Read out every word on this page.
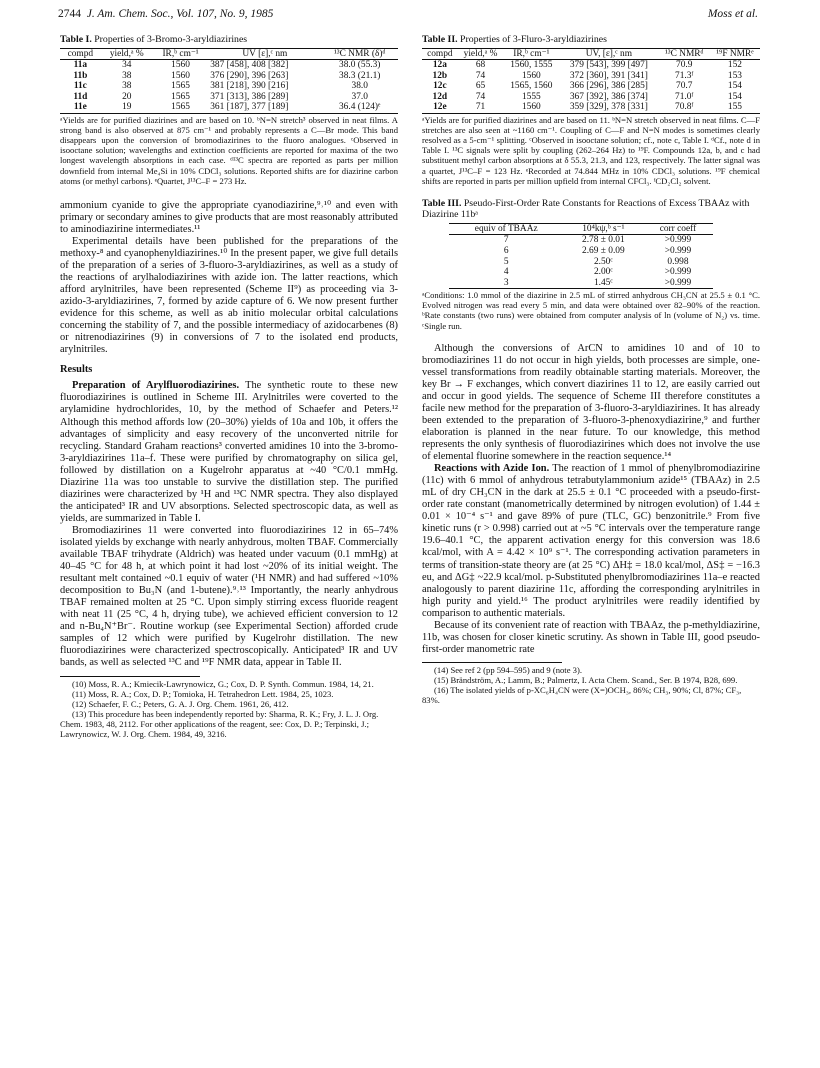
2744 J. Am. Chem. Soc., Vol. 107, No. 9, 1985	Moss et al.
Table I. Properties of 3-Bromo-3-aryldiazirines
compd	yield,ᵃ %	IR,ᵇ cm⁻¹	UV [ε],ᶜ nm	¹³C NMR (δ)ᵈ
11a	34	1560	387 [458], 408 [382]	38.0 (55.3)
11b	38	1560	376 [290], 396 [263]	38.3 (21.1)
11c	38	1565	381 [218], 390 [216]	38.0
11d	20	1565	371 [313], 386 [289]	37.0
11e	19	1565	361 [187], 377 [189]	36.4 (124)ᵉ
ᵃYields are for purified diazirines and are based on 10. ᵇN=N stretch³ observed in neat films. A strong band is also observed at 875 cm⁻¹ and probably represents a C—Br mode. This band disappears upon the conversion of bromodiazirines to the fluoro analogues. ᶜObserved in isooctane solution; wavelengths and extinction coefficients are reported for maxima of the two longest wavelength absorptions in each case. ᵈ¹³C spectra are reported as parts per million downfield from internal Me₄Si in 10% CDCl₃ solutions. Reported shifts are for diazirine carbon atoms (or methyl carbons). ᵉQuartet, J¹³C–F = 273 Hz.

ammonium cyanide to give the appropriate cyanodiazirine,⁹˒¹⁰ and even with primary or secondary amines to give products that are most reasonably attributed to aminodiazirine intermediates.¹¹

Experimental details have been published for the preparations of the methoxy-⁸ and cyanophenyldiazirines.¹⁰ In the present paper, we give full details of the preparation of a series of 3-fluoro-3-aryldiazirines, as well as a study of the reactions of arylhalodiazirines with azide ion. The latter reactions, which afford arylnitriles, have been represented (Scheme II⁹) as proceeding via 3-azido-3-aryldiazirines, 7, formed by azide capture of 6. We now present further evidence for this scheme, as well as ab initio molecular orbital calculations concerning the stability of 7, and the possible intermediacy of azidocarbenes (8) or nitrenodiazirines (9) in conversions of 7 to the isolated end products, arylnitriles.

Results

Preparation of Arylfluorodiazirines. The synthetic route to these new fluorodiazirines is outlined in Scheme III. Arylnitriles were coverted to the arylamidine hydrochlorides, 10, by the method of Schaefer and Peters.¹² Although this method affords low (20–30%) yields of 10a and 10b, it offers the advantages of simplicity and easy recovery of the unconverted nitrile for recycling. Standard Graham reactions³ converted amidines 10 into the 3-bromo-3-aryldiazirines 11a–f. These were purified by chromatography on silica gel, followed by distillation on a Kugelrohr apparatus at ~40 °C/0.1 mmHg. Diazirine 11a was too unstable to survive the distillation step. The purified diazirines were characterized by ¹H and ¹³C NMR spectra. They also displayed the anticipated³ IR and UV absorptions. Selected spectroscopic data, as well as yields, are summarized in Table I.

Bromodiazirines 11 were converted into fluorodiazirines 12 in 65–74% isolated yields by exchange with nearly anhydrous, molten TBAF. Commercially available TBAF trihydrate (Aldrich) was heated under vacuum (0.1 mmHg) at 40–45 °C for 48 h, at which point it had lost ~20% of its initial weight. The resultant melt contained ~0.1 equiv of water (¹H NMR) and had suffered ~10% decomposition to Bu₃N (and 1-butene).⁹˒¹³ Importantly, the nearly anhydrous TBAF remained molten at 25 °C. Upon simply stirring excess fluoride reagent with neat 11 (25 °C, 4 h, drying tube), we achieved efficient conversion to 12 and n-Bu₄N⁺Br⁻. Routine workup (see Experimental Section) afforded crude samples of 12 which were purified by Kugelrohr distillation. The new fluorodiazirines were characterized spectroscopically. Anticipated³ IR and UV bands, as well as selected ¹³C and ¹⁹F NMR data, appear in Table II.

(10) Moss, R. A.; Kmiecik-Lawrynowicz, G.; Cox, D. P. Synth. Commun. 1984, 14, 21.
(11) Moss, R. A.; Cox, D. P.; Tomioka, H. Tetrahedron Lett. 1984, 25, 1023.
(12) Schaefer, F. C.; Peters, G. A. J. Org. Chem. 1961, 26, 412.
(13) This procedure has been independently reported by: Sharma, R. K.; Fry, J. L. J. Org. Chem. 1983, 48, 2112. For other applications of the reagent, see: Cox, D. P.; Terpinski, J.; Lawrynowicz, W. J. Org. Chem. 1984, 49, 3216.
Table II. Properties of 3-Fluro-3-aryldiazirines
compd	yield,ᵃ %	IR,ᵇ cm⁻¹	UV, [ε],ᶜ nm	¹³C NMRᵈ	¹⁹F NMRᵉ
12a	68	1560, 1555	379 [543], 399 [497]	70.9	152
12b	74	1560	372 [360], 391 [341]	71.3ᶠ	153
12c	65	1565, 1560	366 [296], 386 [285]	70.7	154
12d	74	1555	367 [392], 386 [374]	71.0ᶠ	154
12e	71	1560	359 [329], 378 [331]	70.8ᶠ	155
ᵃYields are for purified diazirines and are based on 11. ᵇN=N stretch observed in neat films. C—F stretches are also seen at ~1160 cm⁻¹. Coupling of C—F and N=N modes is sometimes clearly resolved as a 5-cm⁻¹ splitting. ᶜObserved in isooctane solution; cf., note c, Table I. ᵈCf., note d in Table I. ¹³C signals were split by coupling (262–264 Hz) to ¹⁹F. Compounds 12a, b, and c had substituent methyl carbon absorptions at δ 55.3, 21.3, and 123, respectively. The latter signal was a quartet, J¹³C–F = 123 Hz. ᵉRecorded at 74.844 MHz in 10% CDCl₃ solutions. ¹⁹F chemical shifts are reported in parts per million upfield from internal CFCl₃. ᶠCD₂Cl₂ solvent.
Table III. Pseudo-First-Order Rate Constants for Reactions of Excess TBAAz with Diazirine 11bᵃ
equiv of TBAAz	10⁴kψ,ᵇ s⁻¹	corr coeff
7	2.78 ± 0.01	>0.999
6	2.69 ± 0.09	>0.999
5	2.50ᶜ	0.998
4	2.00ᶜ	>0.999
3	1.45ᶜ	>0.999
ᵃConditions: 1.0 mmol of the diazirine in 2.5 mL of stirred anhydrous CH₃CN at 25.5 ± 0.1 °C. Evolved nitrogen was read every 5 min, and data were obtained over 82–90% of the reaction. ᵇRate constants (two runs) were obtained from computer analysis of ln (volume of N₂) vs. time. ᶜSingle run.

Although the conversions of ArCN to amidines 10 and of 10 to bromodiazirines 11 do not occur in high yields, both processes are simple, one-vessel transformations from readily obtainable starting materials. Moreover, the key Br → F exchanges, which convert diazirines 11 to 12, are easily carried out and occur in good yields. The sequence of Scheme III therefore constitutes a facile new method for the preparation of 3-fluoro-3-aryldiazirines. It has already been extended to the preparation of 3-fluoro-3-phenoxydiazirine,⁹ and further elaboration is planned in the near future. To our knowledge, this method represents the only synthesis of fluorodiazirines which does not involve the use of elemental fluorine somewhere in the reaction sequence.¹⁴

Reactions with Azide Ion. The reaction of 1 mmol of phenylbromodiazirine (11c) with 6 mmol of anhydrous tetrabutylammonium azide¹⁵ (TBAAz) in 2.5 mL of dry CH₃CN in the dark at 25.5 ± 0.1 °C proceeded with a pseudo-first-order rate constant (manometrically determined by nitrogen evolution) of 1.44 ± 0.01 × 10⁻⁴ s⁻¹ and gave 89% of pure (TLC, GC) benzonitrile.⁹ From five kinetic runs (r > 0.998) carried out at ~5 °C intervals over the temperature range 19.6–40.1 °C, the apparent activation energy for this conversion was 18.6 kcal/mol, with A = 4.42 × 10⁹ s⁻¹. The corresponding activation parameters in terms of transition-state theory are (at 25 °C) ΔH‡ = 18.0 kcal/mol, ΔS‡ = −16.3 eu, and ΔG‡ ~22.9 kcal/mol. p-Substituted phenylbromodiazirines 11a–e reacted analogously to parent diazirine 11c, affording the corresponding arylnitriles in high purity and yield.¹⁶ The product arylnitriles were readily identified by comparison to authentic materials.

Because of its convenient rate of reaction with TBAAz, the p-methyldiazirine, 11b, was chosen for closer kinetic scrutiny. As shown in Table III, good pseudo-first-order manometric rate

(14) See ref 2 (pp 594–595) and 9 (note 3).
(15) Brändström, A.; Lamm, B.; Palmertz, I. Acta Chem. Scand., Ser. B 1974, B28, 699.
(16) The isolated yields of p-XC₆H₄CN were (X=)OCH₃, 86%; CH₃, 90%; Cl, 87%; CF₃, 83%.
